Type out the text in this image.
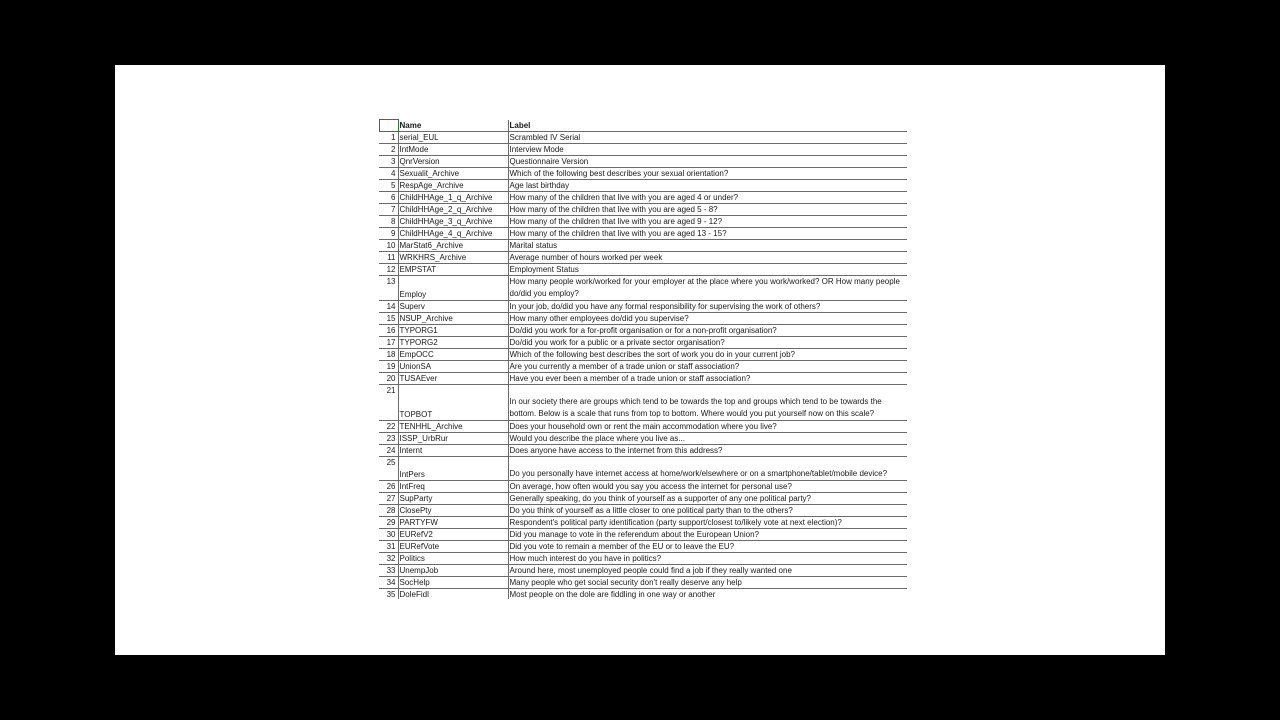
		Name	Label
	1	serial_EUL	Scrambled IV Serial
	2	IntMode	Interview Mode
	3	QnrVersion	Questionnaire Version
	4	Sexualit_Archive	Which of the following best describes your sexual orientation?
	5	RespAge_Archive	Age last birthday
	6	ChildHHAge_1_q_Archive	How many of the children that live with you are aged 4 or under?
	7	ChildHHAge_2_q_Archive	How many of the children that live with you are aged 5 - 8?
	8	ChildHHAge_3_q_Archive	How many of the children that live with you are aged 9 - 12?
	9	ChildHHAge_4_q_Archive	How many of the children that live with you are aged 13 - 15?
	10	MarStat6_Archive	Marital status
	11	WRKHRS_Archive	Average number of hours worked per week
	12	EMPSTAT	Employment Status
	13	Employ	How many people work/worked for your employer at the place where you work/worked? OR How many people do/did you employ?
	14	Superv	In your job, do/did you have any formal responsibility for supervising the work of others?
	15	NSUP_Archive	How many other employees do/did you supervise?
	16	TYPORG1	Do/did you work for a for-profit organisation or for a non-profit organisation?
	17	TYPORG2	Do/did you work for a public or a private sector organisation?
	18	EmpOCC	Which of the following best describes the sort of work you do in your current job?
	19	UnionSA	Are you currently a member of a trade union or staff association?
	20	TUSAEver	Have you ever been a member of a trade union or staff association?
	21	TOPBOT	In our society there are groups which tend to be towards the top and groups which tend to be towards the bottom. Below is a scale that runs from top to bottom. Where would you put yourself now on this scale?
	22	TENHHL_Archive	Does your household own or rent the main accommodation where you live?
	23	ISSP_UrbRur	Would you describe the place where you live as...
	24	Internt	Does anyone have access to the internet from this address?
	25	IntPers	Do you personally have internet access at home/work/elsewhere or on a smartphone/tablet/mobile device?
	26	IntFreq	On average, how often would you say you access the internet for personal use?
	27	SupParty	Generally speaking, do you think of yourself as a supporter of any one political party?
	28	ClosePty	Do you think of yourself as a little closer to one political party than to the others?
	29	PARTYFW	Respondent's political party identification (party support/closest to/likely vote at next election)?
	30	EURefV2	Did you manage to vote in the referendum about the European Union?
	31	EURefVote	Did you vote to remain a member of the EU or to leave the EU?
	32	Politics	How much interest do you have in politics?
	33	UnempJob	Around here, most unemployed people could find a job if they really wanted one
	34	SocHelp	Many people who get social security don't really deserve any help
	35	DoleFidl	Most people on the dole are fiddling in one way or another
